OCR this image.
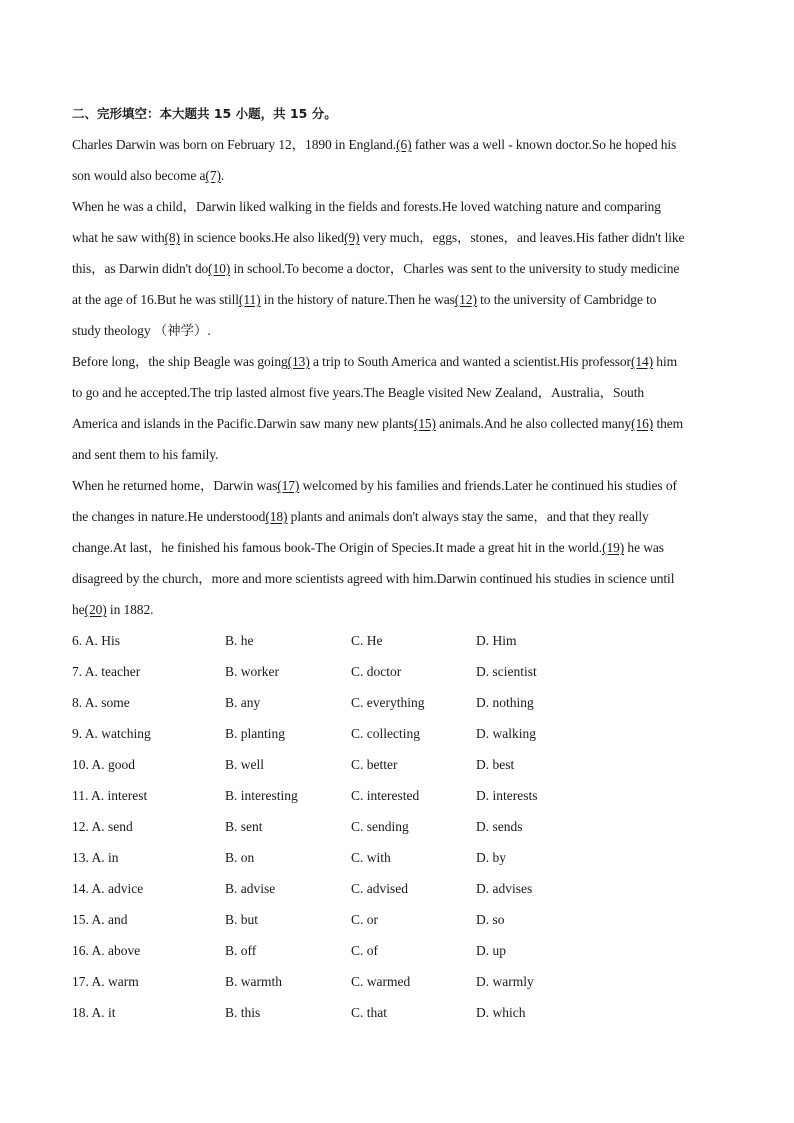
二、完形填空：本大题共 15 小题，共 15 分。
Charles Darwin was born on February 12，1890 in England.(6) father was a well - known doctor.So he hoped his
son would also become a(7).
When he was a child，Darwin liked walking in the fields and forests.He loved watching nature and comparing
what he saw with(8) in science books.He also liked(9) very much，eggs，stones，and leaves.His father didn't like
this，as Darwin didn't do(10) in school.To become a doctor，Charles was sent to the university to study medicine
at the age of 16.But he was still(11) in the history of nature.Then he was(12) to the university of Cambridge to
study theology （神学）.
Before long，the ship Beagle was going(13) a trip to South America and wanted a scientist.His professor(14) him
to go and he accepted.The trip lasted almost five years.The Beagle visited New Zealand，Australia，South
America and islands in the Pacific.Darwin saw many new plants(15) animals.And he also collected many(16) them
and sent them to his family.
When he returned home，Darwin was(17) welcomed by his families and friends.Later he continued his studies of
the changes in nature.He understood(18) plants and animals don't always stay the same，and that they really
change.At last，he finished his famous book-The Origin of Species.It made a great hit in the world.(19) he was
disagreed by the church，more and more scientists agreed with him.Darwin continued his studies in science until
he(20) in 1882.
6. A. His	B. he	C. He	D. Him
7. A. teacher	B. worker	C. doctor	D. scientist
8. A. some	B. any	C. everything	D. nothing
9. A. watching	B. planting	C. collecting	D. walking
10. A. good	B. well	C. better	D. best
11. A. interest	B. interesting	C. interested	D. interests
12. A. send	B. sent	C. sending	D. sends
13. A. in	B. on	C. with	D. by
14. A. advice	B. advise	C. advised	D. advises
15. A. and	B. but	C. or	D. so
16. A. above	B. off	C. of	D. up
17. A. warm	B. warmth	C. warmed	D. warmly
18. A. it	B. this	C. that	D. which
